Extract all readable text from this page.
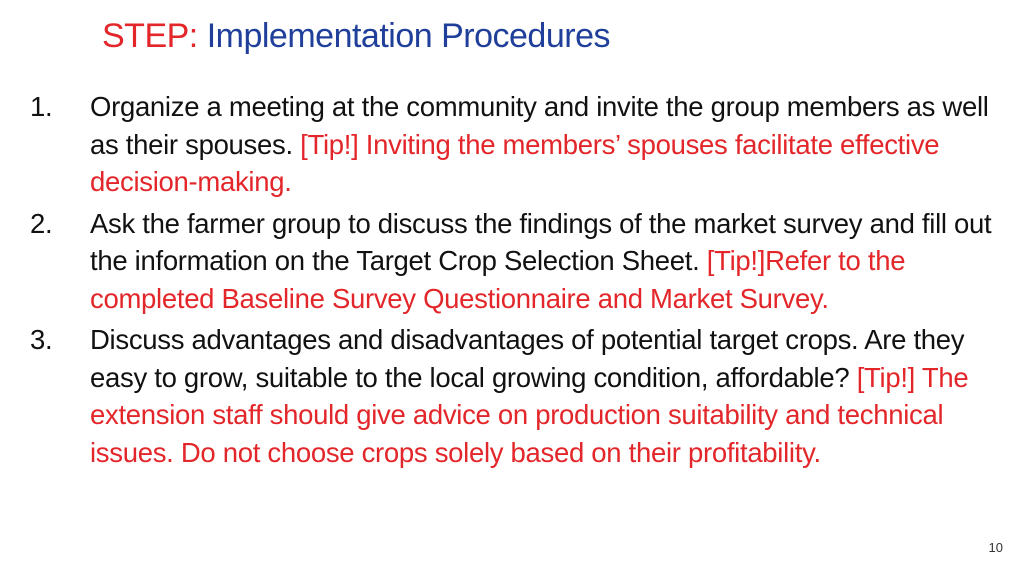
STEP: Implementation Procedures
1.	Organize a meeting at the community and invite the group members as well as their spouses. [Tip!] Inviting the members’ spouses facilitate effective decision-making.
2.	Ask the farmer group to discuss the findings of the market survey and fill out the information on the Target Crop Selection Sheet. [Tip!]Refer to the completed Baseline Survey Questionnaire and Market Survey.
3.	Discuss advantages and disadvantages of potential target crops. Are they easy to grow, suitable to the local growing condition, affordable? [Tip!] The extension staff should give advice on production suitability and technical issues. Do not choose crops solely based on their profitability.
10
